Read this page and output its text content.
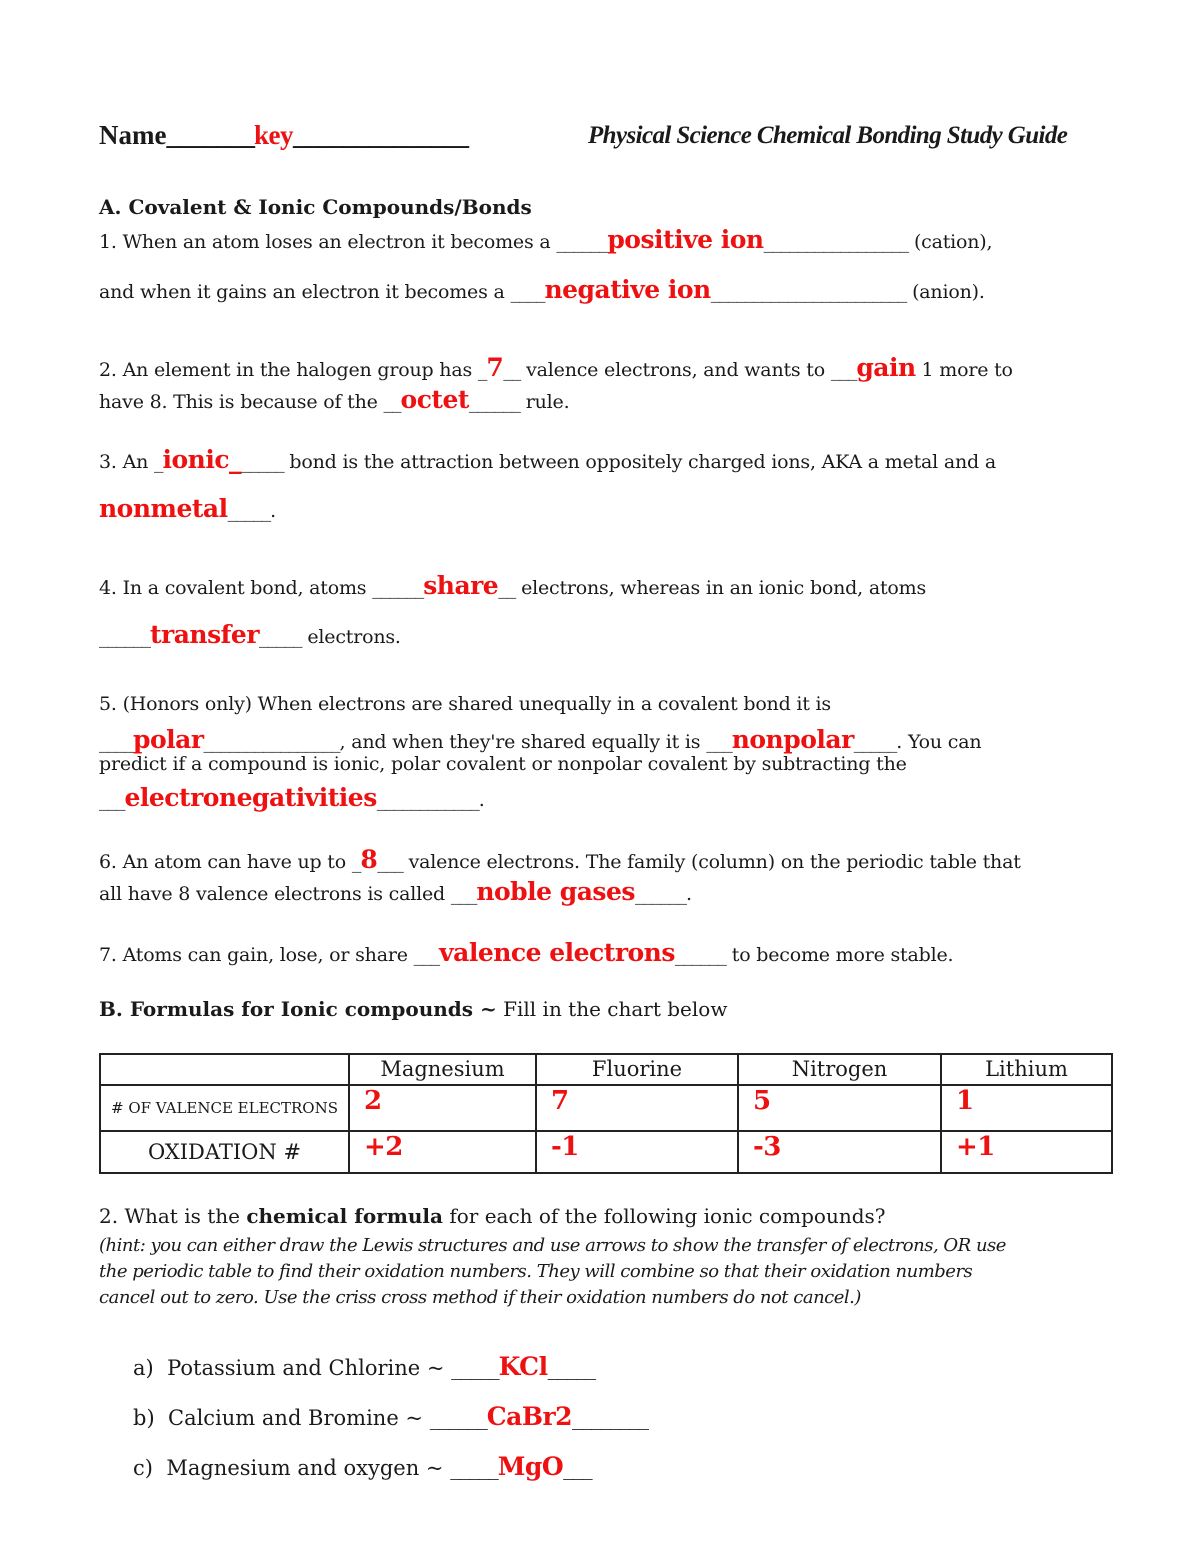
Name_______key______________	Physical Science Chemical Bonding Study Guide
A. Covalent & Ionic Compounds/Bonds
1. When an atom loses an electron it becomes a ______positive ion_________________ (cation),
and when it gains an electron it becomes a ____negative ion_______________________ (anion).
2. An element in the halogen group has _7__ valence electrons, and wants to ___gain 1 more to
have 8. This is because of the __octet______ rule.
3. An _ionic______ bond is the attraction between oppositely charged ions, AKA a metal and a
nonmetal_____.
4. In a covalent bond, atoms ______share__ electrons, whereas in an ionic bond, atoms
______transfer_____ electrons.
5. (Honors only) When electrons are shared unequally in a covalent bond it is
____polar________________, and when they're shared equally it is ___nonpolar_____. You can
predict if a compound is ionic, polar covalent or nonpolar covalent by subtracting the
___electronegativities____________.
6. An atom can have up to _8___ valence electrons. The family (column) on the periodic table that
all have 8 valence electrons is called ___noble gases______.
7. Atoms can gain, lose, or share ___valence electrons______ to become more stable.
B. Formulas for Ionic compounds ~ Fill in the chart below
	Magnesium	Fluorine	Nitrogen	Lithium
# OF VALENCE ELECTRONS	2	7	5	1
OXIDATION #	+2	-1	-3	+1
2. What is the chemical formula for each of the following ionic compounds?
(hint: you can either draw the Lewis structures and use arrows to show the transfer of electrons, OR use
the periodic table to find their oxidation numbers. They will combine so that their oxidation numbers
cancel out to zero. Use the criss cross method if their oxidation numbers do not cancel.)
a) Potassium and Chlorine ~ _____KCl_____
b) Calcium and Bromine ~ ______CaBr2________
c) Magnesium and oxygen ~ _____MgO___
